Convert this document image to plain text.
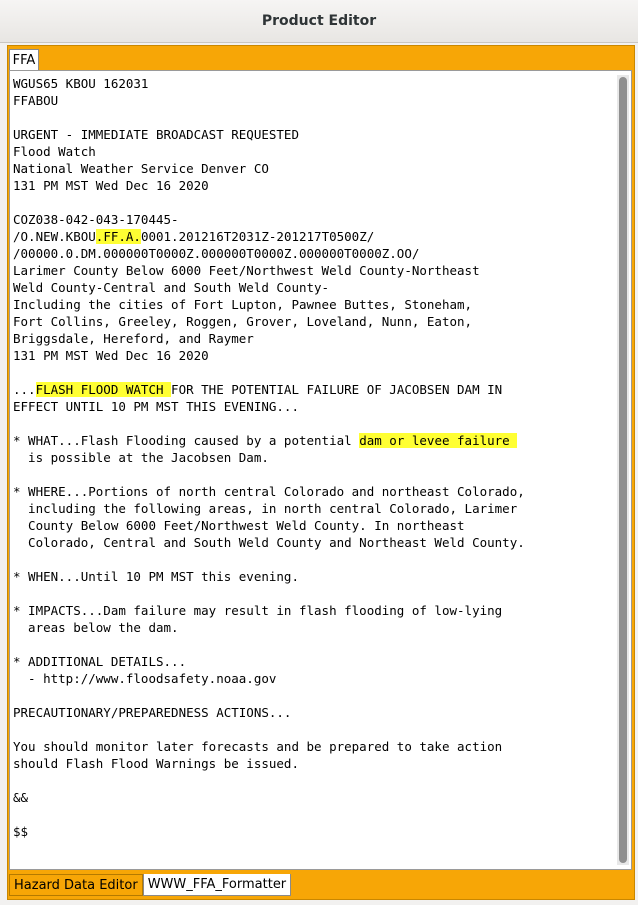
Product Editor
FFA
WGUS65 KBOU 162031
FFABOU
URGENT - IMMEDIATE BROADCAST REQUESTED
Flood Watch
National Weather Service Denver CO
131 PM MST Wed Dec 16 2020
COZ038-042-043-170445-
/O.NEW.KBOU.FF.A.0001.201216T2031Z-201217T0500Z/
/00000.0.DM.000000T0000Z.000000T0000Z.000000T0000Z.OO/
Larimer County Below 6000 Feet/Northwest Weld County-Northeast
Weld County-Central and South Weld County-
Including the cities of Fort Lupton, Pawnee Buttes, Stoneham,
Fort Collins, Greeley, Roggen, Grover, Loveland, Nunn, Eaton,
Briggsdale, Hereford, and Raymer
131 PM MST Wed Dec 16 2020
...FLASH FLOOD WATCH FOR THE POTENTIAL FAILURE OF JACOBSEN DAM IN
EFFECT UNTIL 10 PM MST THIS EVENING...
* WHAT...Flash Flooding caused by a potential dam or levee failure
is possible at the Jacobsen Dam.
* WHERE...Portions of north central Colorado and northeast Colorado,
including the following areas, in north central Colorado, Larimer
County Below 6000 Feet/Northwest Weld County. In northeast
Colorado, Central and South Weld County and Northeast Weld County.
* WHEN...Until 10 PM MST this evening.
* IMPACTS...Dam failure may result in flash flooding of low-lying
areas below the dam.
* ADDITIONAL DETAILS...
- http://www.floodsafety.noaa.gov
PRECAUTIONARY/PREPAREDNESS ACTIONS...
You should monitor later forecasts and be prepared to take action
should Flash Flood Warnings be issued.
&&
$$
Hazard Data Editor WWW_FFA_Formatter
